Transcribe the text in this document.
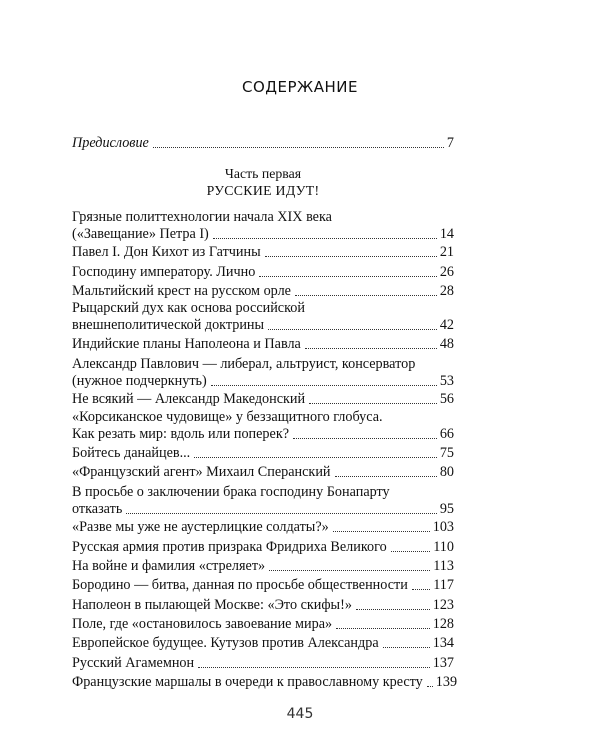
СОДЕРЖАНИЕ
Предисловие	7
Часть первая
РУССКИЕ ИДУТ!
Грязные политтехнологии начала XIX века
(«Завещание» Петра I)	14
Павел I. Дон Кихот из Гатчины	21
Господину императору. Лично	26
Мальтийский крест на русском орле	28
Рыцарский дух как основа российской
внешнеполитической доктрины	42
Индийские планы Наполеона и Павла	48
Александр Павлович — либерал, альтруист, консерватор
(нужное подчеркнуть)	53
Не всякий — Александр Македонский	56
«Корсиканское чудовище» у беззащитного глобуса.
Как резать мир: вдоль или поперек?	66
Бойтесь данайцев...	75
«Французский агент» Михаил Сперанский	80
В просьбе о заключении брака господину Бонапарту
отказать	95
«Разве мы уже не аустерлицкие солдаты?»	103
Русская армия против призрака Фридриха Великого	110
На войне и фамилия «стреляет»	113
Бородино — битва, данная по просьбе общественности 117
Наполеон в пылающей Москве: «Это скифы!»	123
Поле, где «остановилось завоевание мира»	128
Европейское будущее. Кутузов против Александра	134
Русский Агамемнон	137
Французские маршалы в очереди к православному кресту 139
445
